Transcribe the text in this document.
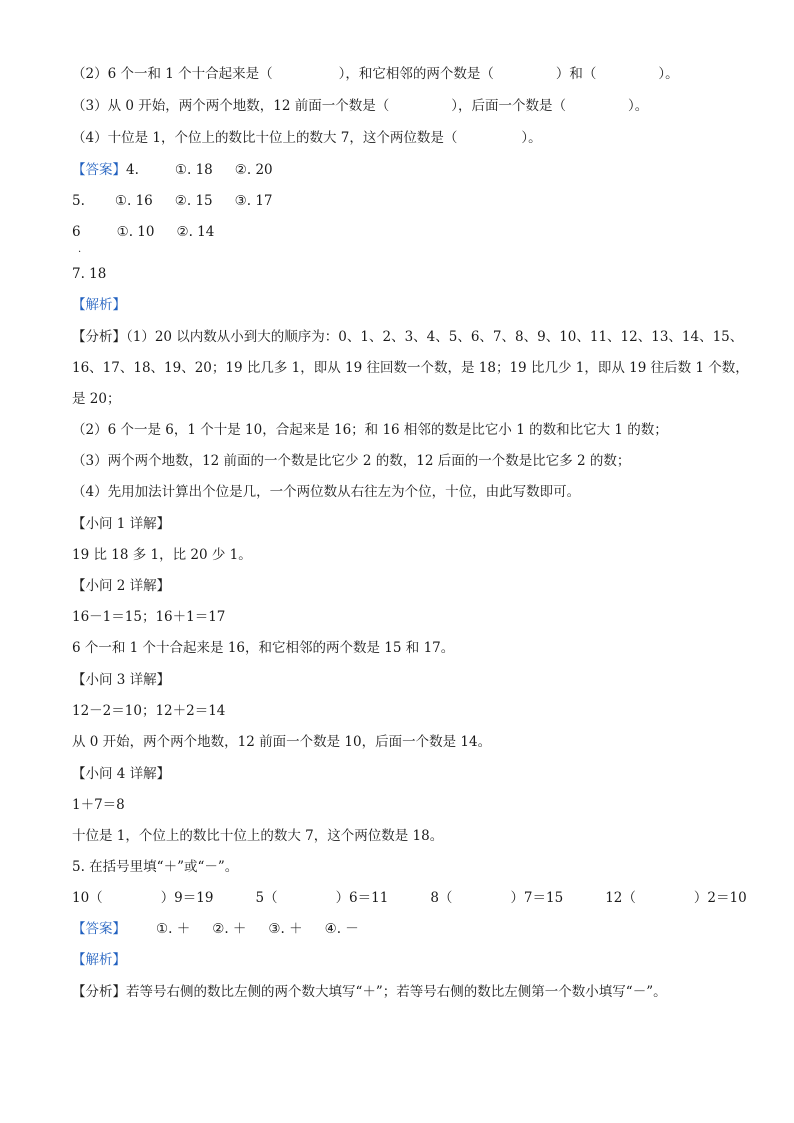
（2）6 个一和 1 个十合起来是（	），和它相邻的两个数是（	）和（	）。
（3）从 0 开始，两个两个地数，12 前面一个数是（	），后面一个数是（	）。
（4）十位是 1，个位上的数比十位上的数大 7，这个两位数是（	）。
【答案】4.	①. 18 ②. 20
5. ①. 16 ②. 15 ③. 17
6	①. 10 ②. 14
.
7. 18
【解析】
【分析】（1）20 以内数从小到大的顺序为：0、1、2、3、4、5、6、7、8、9、10、11、12、13、14、15、
16、17、18、19、20；19 比几多 1，即从 19 往回数一个数，是 18；19 比几少 1，即从 19 往后数 1 个数，
是 20；
（2）6 个一是 6，1 个十是 10，合起来是 16；和 16 相邻的数是比它小 1 的数和比它大 1 的数；
（3）两个两个地数，12 前面的一个数是比它少 2 的数，12 后面的一个数是比它多 2 的数；
（4）先用加法计算出个位是几，一个两位数从右往左为个位，十位，由此写数即可。
【小问 1 详解】
19 比 18 多 1，比 20 少 1。
【小问 2 详解】
16－1＝15；16＋1＝17
6 个一和 1 个十合起来是 16，和它相邻的两个数是 15 和 17。
【小问 3 详解】
12－2＝10；12＋2＝14
从 0 开始，两个两个地数，12 前面一个数是 10，后面一个数是 14。
【小问 4 详解】
1＋7＝8
十位是 1，个位上的数比十位上的数大 7，这个两位数是 18。
5. 在括号里填“＋”或“－”。
10（	）9＝19	5（	）6＝11	8（	）7＝15	12（	）2＝10
【答案】 ①. ＋ ②. ＋ ③. ＋ ④. －
【解析】
【分析】若等号右侧的数比左侧的两个数大填写“＋”；若等号右侧的数比左侧第一个数小填写“－”。
